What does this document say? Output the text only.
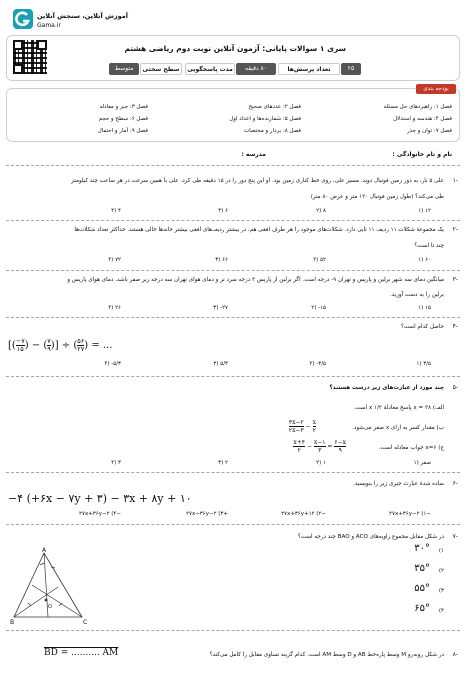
آموزش آنلاین، سنجش آنلاین
Gama.ir
سری ۱ سوالات پایانی: آزمون آنلاین نوبت دوم ریاضی هشتم
۲۵
تعداد پرسش‌ها
۸۰ دقیقه
مدت پاسخگویی
سطح سختی
متوسط
بودجه بندی
فصل ۱: راهبردهای حل مسئله
فصل ۲: عددهای صحیح
فصل ۳: جبر و معادله
فصل ۴: هندسه و استدلال
فصل ۵: شمارنده‌ها و اعداد اول
فصل ۶: سطح و حجم
فصل ۷: توان و جذر
فصل ۸: بردار و مختصات
فصل ۹: آمار و احتمال
نام و نام خانوادگی :
مدرسه :
۱-
علی ۵ بار، به دور زمین فوتبال دوید. مسیر علی، روی خط کناری زمین بود. او این پنج دور را در ۱۵ دقیقه طی کرد. علی با همین سرعت در هر ساعت چند کیلومتر
طی می‌کند؟ (طول زمین فوتبال ۱۲۰ متر و عرض ۸۰ متر)
۱۲ (۱
۸ (۲
۶ (۳
۴ (۴
۲-
یک مجموعهٔ شکلات ۱۱ ردیف ۱۱ تایی دارد. شکلات‌های موجود را هر طرف افقی هم، در بیشتر ردیف‌های افقی بیشتر خانه‌ها خالی هستند. حداکثر تعداد شکلات‌ها
چند تا است؟
۶۰ (۱
۵۲ (۲
۶۶ (۳
۷۲ (۴
۳-
میانگین دمای سه شهر برلین و پاریس و تهران ۹- درجه است. اگر برلین از پاریس ۳ درجه سرد تر و دمای هوای تهران سه درجه زیر صفر باشد، دمای هوای پاریس و
برلین را به دست آورید.
۱۵ (۱
۱۵- (۲
۲۷- (۳
۲۶ (۴
۴-
حاصل کدام است؟
[( −۷
۱۵ ) − ( ۷
۹ )] ÷ ( ۵۶
۲۷ ) = ...
۳/۵ (۱
۳/۵- (۲
۵/۳ (۳
۵/۳- (۴
۵-
چند مورد از عبارت‌های زیر درست هستند؟
الف) ۳۸ = x پاسخ معادلهٔ x ۱/۲ است.
ب) مقدار کسر به ازای x صفر می‌شود.
$\frac{۳x-۲}{۲x-۳}$ −
x
۲
ج) x=۶ جواب معادله است.
x+۴
۲
−
x−۱
۳
=
۶−x
۹
صفر (۱
۱ (۲
۲ (۳
۳ (۴
۶-
ساده شدهٔ عبارت جبری زیر را بنویسید.
−۴ (+۶x − ۷y + ۳) − ۳x + ۸y + ۱۰
−۲۷x+۳۶y−۲ (۱
−۲۷x+۳۶y+۱۲ (۲
+۲۷x−۳۶y−۲ (۳
−۲۷x+۳۶y−۲ (۴
۷-
در شکل مقابل مجموع زاویه‌های ACO و BAO چند درجه است؟
(۱
۳۰°
(۲
۳۵°
(۳
۵۵°
(۴
۶۵°
A
B	C
O
۸-
در شکل روبه‌رو M وسط پاره‌خط AB و D وسط AM است. کدام گزینه تساوی مقابل را کامل می‌کند؟
BD = .......... AM
